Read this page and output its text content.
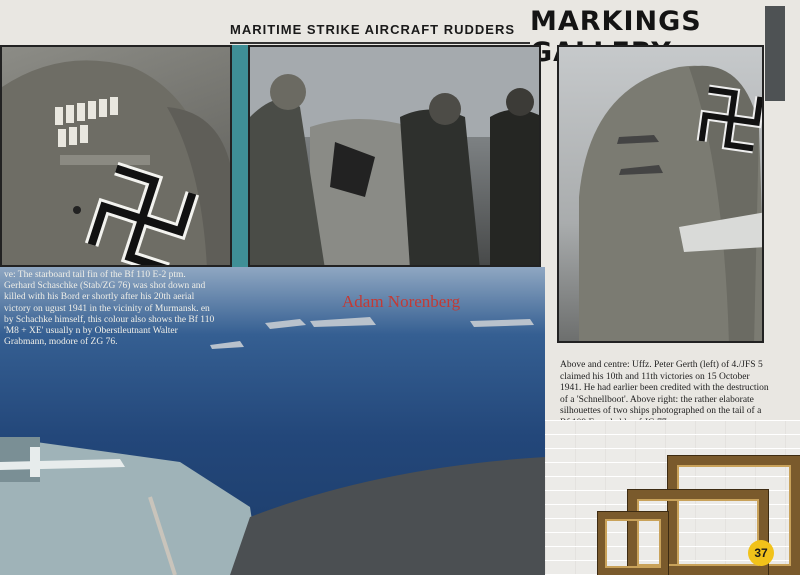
MARITIME STRIKE AIRCRAFT RUDDERS MARKINGS

ve: The starboard tail fin of the Bf 110 E-2 ptm. Gerhard Schaschke (Stab/ZG 76) was shot down and killed with his Bord er shortly after his 20th aerial victory on ugust 1941 in the vicinity of Murmansk. en by Schachke himself, this colour also shows the Bf 110 'M8 + XE' usually n by Oberstleutnant Walter Grabmann, modore of ZG 76.

Adam Norenberg

Above and centre: Uffz. Peter Gerth (left) of 4./JFS 5 claimed his 10th and 11th victories on 15 October 1941. He had earlier been credited with the destruction of a 'Schnellboot'. Above right: the rather elaborate silhouettes of two ships photographed on the tail of a

37
